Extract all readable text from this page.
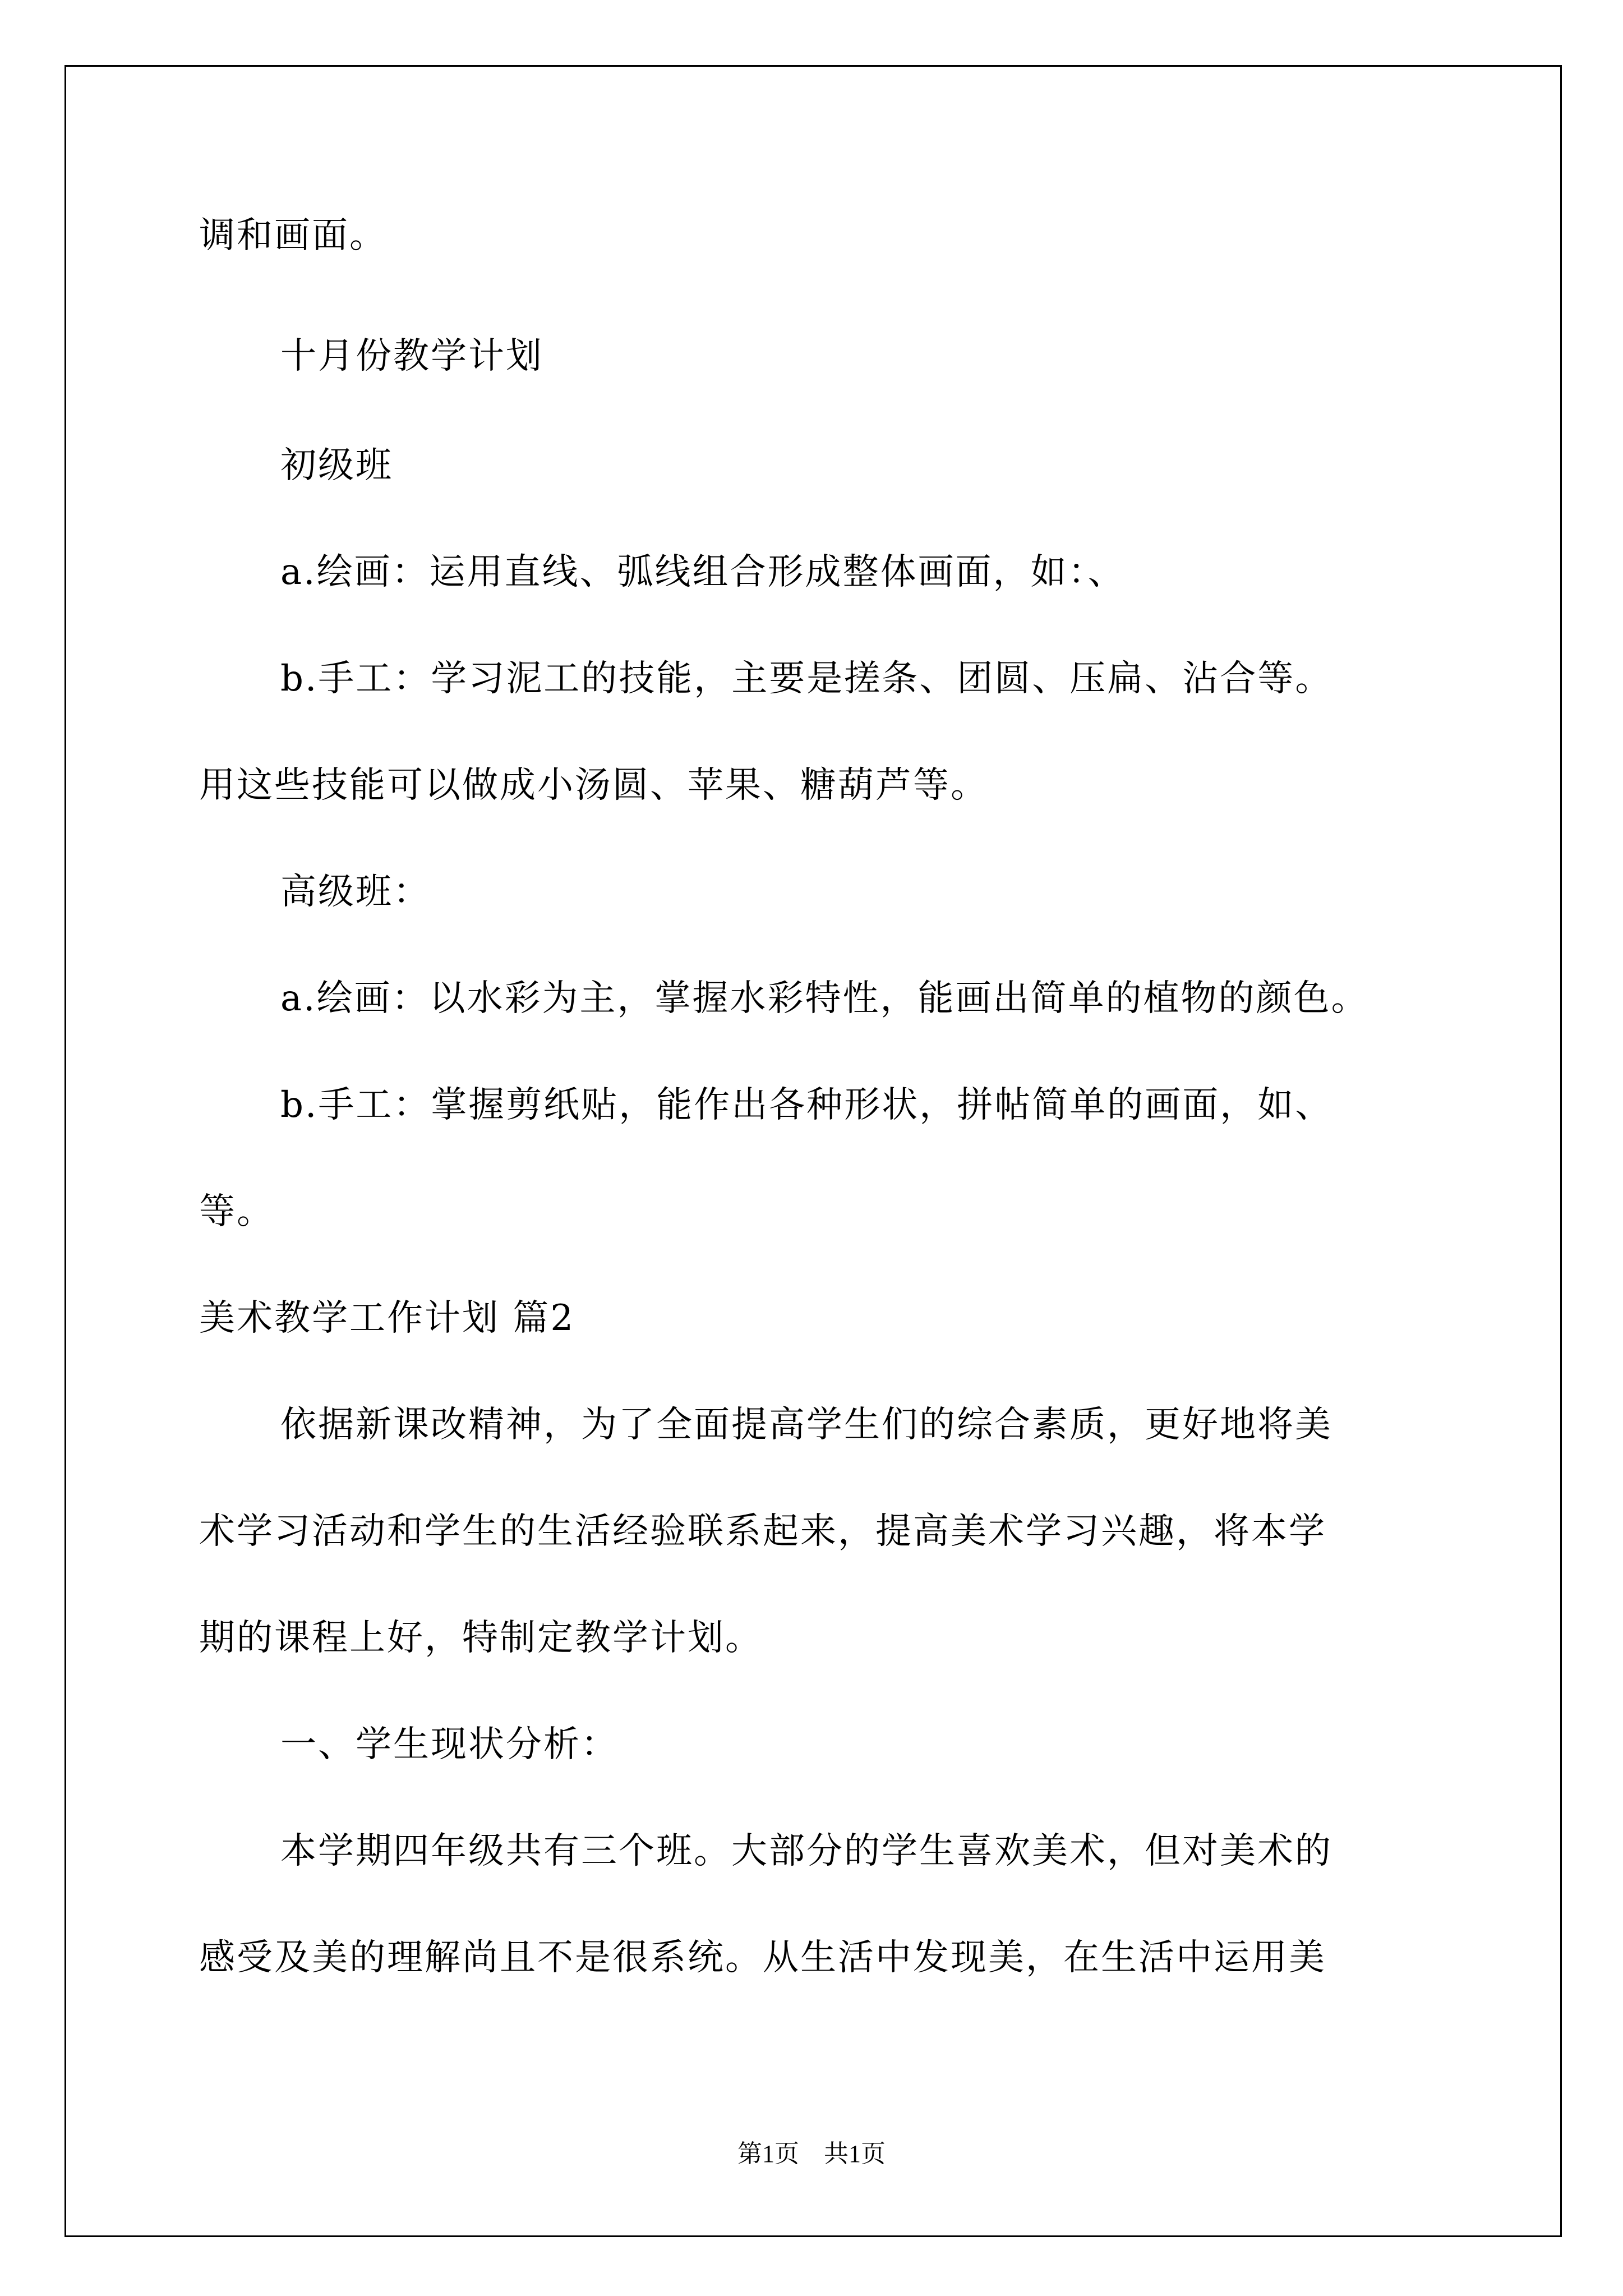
调和画面。
十月份教学计划
初级班
a.绘画：运用直线、弧线组合形成整体画面，如：、
b.手工：学习泥工的技能，主要是搓条、团圆、压扁、沾合等。
用这些技能可以做成小汤圆、苹果、糖葫芦等。
高级班：
a.绘画：以水彩为主，掌握水彩特性，能画出简单的植物的颜色。
b.手工：掌握剪纸贴，能作出各种形状，拼帖简单的画面，如、
等。
美术教学工作计划 篇2
依据新课改精神，为了全面提高学生们的综合素质，更好地将美
术学习活动和学生的生活经验联系起来，提高美术学习兴趣，将本学
期的课程上好，特制定教学计划。
一、学生现状分析：
本学期四年级共有三个班。大部分的学生喜欢美术，但对美术的
感受及美的理解尚且不是很系统。从生活中发现美，在生活中运用美
第1页　共1页
